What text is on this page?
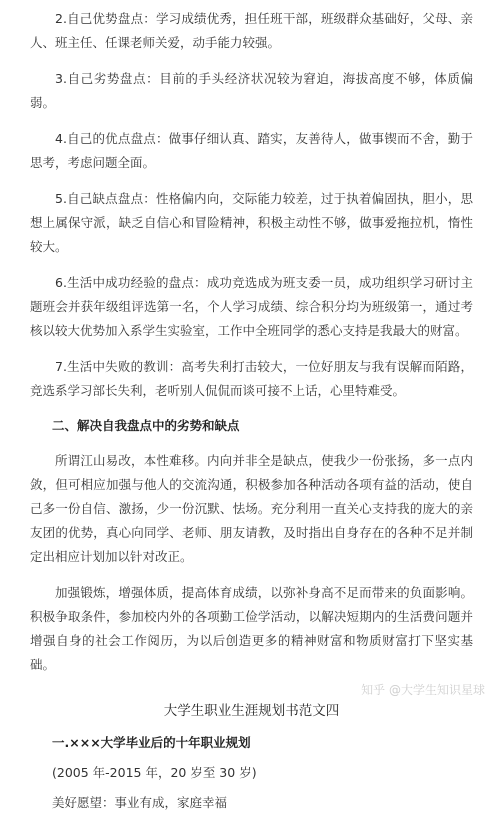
2.自己优势盘点：学习成绩优秀，担任班干部，班级群众基础好，父母、亲人、班主任、任课老师关爱，动手能力较强。

3.自己劣势盘点：目前的手头经济状况较为窘迫，海拔高度不够，体质偏弱。

4.自己的优点盘点：做事仔细认真、踏实，友善待人，做事锲而不舍，勤于思考，考虑问题全面。

5.自己缺点盘点：性格偏内向，交际能力较差，过于执着偏固执，胆小，思想上属保守派，缺乏自信心和冒险精神，积极主动性不够，做事爱拖拉机，惰性较大。

6.生活中成功经验的盘点：成功竞选成为班支委一员，成功组织学习研讨主题班会并获年级组评选第一名，个人学习成绩、综合积分均为班级第一，通过考核以较大优势加入系学生实验室，工作中全班同学的悉心支持是我最大的财富。

7.生活中失败的教训：高考失利打击较大，一位好朋友与我有误解而陌路，竞选系学习部长失利，老听别人侃侃而谈可接不上话，心里特难受。

二、解决自我盘点中的劣势和缺点

所谓江山易改，本性难移。内向并非全是缺点，使我少一份张扬，多一点内敛，但可相应加强与他人的交流沟通，积极参加各种活动各项有益的活动，使自己多一份自信、激扬，少一份沉默、怯场。充分利用一直关心支持我的庞大的亲友团的优势，真心向同学、老师、朋友请教，及时指出自身存在的各种不足并制定出相应计划加以针对改正。

加强锻炼，增强体质，提高体育成绩，以弥补身高不足而带来的负面影响。积极争取条件，参加校内外的各项勤工俭学活动，以解决短期内的生活费问题并增强自身的社会工作阅历，为以后创造更多的精神财富和物质财富打下坚实基础。

大学生职业生涯规划书范文四
一.×××大学毕业后的十年职业规划
(2005 年-2015 年，20 岁至 30 岁)
美好愿望：事业有成，家庭幸福
知乎 @大学生知识星球
